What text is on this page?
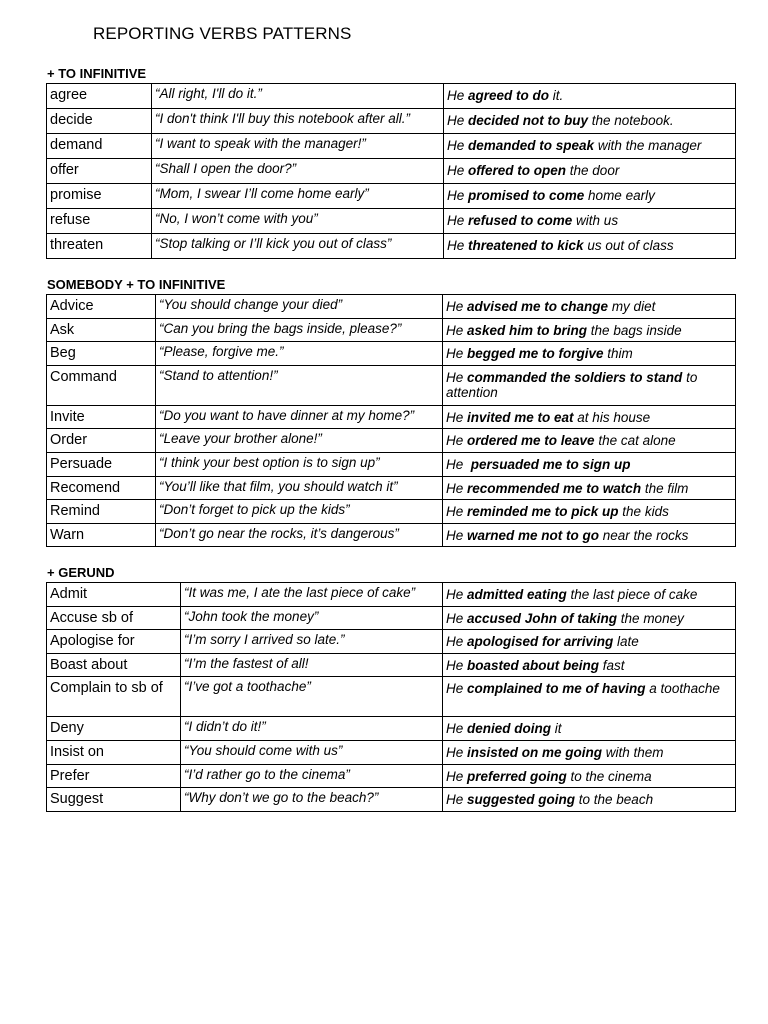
REPORTING VERBS PATTERNS
+ TO INFINITIVE
agree	“All right, I'll do it.”	He agreed to do it.
decide	“I don't think I'll buy this notebook after all.”	He decided not to buy the notebook.
demand	“I want to speak with the manager!”	He demanded to speak with the manager
offer	“Shall I open the door?”	He offered to open the door
promise	“Mom, I swear I’ll come home early”	He promised to come home early
refuse	“No, I won’t come with you”	He refused to come with us
threaten	“Stop talking or I’ll kick you out of class”	He threatened to kick us out of class
SOMEBODY + TO INFINITIVE
Advice	“You should change your died”	He advised me to change my diet
Ask	“Can you bring the bags inside, please?”	He asked him to bring the bags inside
Beg	“Please, forgive me.”	He begged me to forgive thim
Command	“Stand to attention!”	He commanded the soldiers to stand to attention
Invite	“Do you want to have dinner at my home?”	He invited me to eat at his house
Order	“Leave your brother alone!”	He ordered me to leave the cat alone
Persuade	“I think your best option is to sign up”	He  persuaded me to sign up
Recomend	“You’ll like that film, you should watch it”	He recommended me to watch the film
Remind	“Don’t forget to pick up the kids”	He reminded me to pick up the kids
Warn	“Don’t go near the rocks, it’s dangerous”	He warned me not to go near the rocks
+ GERUND
Admit	“It was me, I ate the last piece of cake”	He admitted eating the last piece of cake
Accuse sb of	“John took the money”	He accused John of taking the money
Apologise for	“I’m sorry I arrived so late.”	He apologised for arriving late
Boast about	“I’m the fastest of all!	He boasted about being fast
Complain to sb of	“I’ve got a toothache”	He complained to me of having a toothache
Deny	“I didn’t do it!”	He denied doing it
Insist on	“You should come with us”	He insisted on me going with them
Prefer	“I’d rather go to the cinema”	He preferred going to the cinema
Suggest	“Why don’t we go to the beach?”	He suggested going to the beach
